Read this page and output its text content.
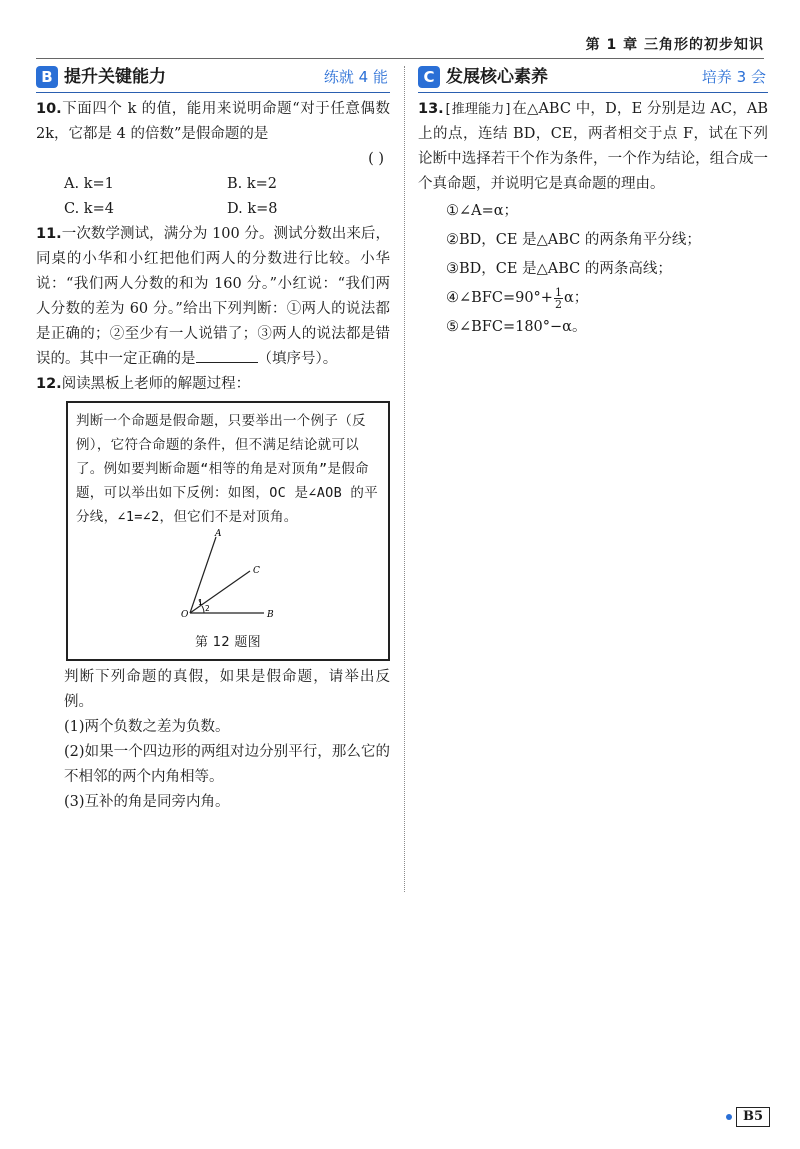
第 1 章 三角形的初步知识
B 提升关键能力	练就 4 能

10.下面四个 k 的值，能用来说明命题“对于任意偶数 2k，它都是 4 的倍数”是假命题的是

( )
A. k=1	B. k=2
C. k=4	D. k=8

11.一次数学测试，满分为 100 分。测试分数出来后，同桌的小华和小红把他们两人的分数进行比较。小华说：“我们两人分数的和为 160 分。”小红说：“我们两人分数的差为 60 分。”给出下列判断：①两人的说法都是正确的；②至少有一人说错了；③两人的说法都是错误的。其中一定正确的是	（填序号）。

12.阅读黑板上老师的解题过程：

判断一个命题是假命题，只要举出一个例子（反例），它符合命题的条件，但不满足结论就可以了。例如要判断命题“相等的角是对顶角”是假命题，可以举出如下反例：如图，OC 是∠AOB 的平分线，∠1=∠2，但它们不是对顶角。
A
C
O	B
1
2
第 12 题图

判断下列命题的真假，如果是假命题，请举出反例。

(1)两个负数之差为负数。

(2)如果一个四边形的两组对边分别平行，那么它的不相邻的两个内角相等。

(3)互补的角是同旁内角。

C 发展核心素养	培养 3 会

13.[推理能力]在△ABC 中，D，E 分别是边 AC，AB 上的点，连结 BD，CE，两者相交于点 F，试在下列论断中选择若干个作为条件，一个作为结论，组合成一个真命题，并说明它是真命题的理由。

①∠A=α；

②BD，CE 是△ABC 的两条角平分线；

③BD，CE 是△ABC 的两条高线；

④∠BFC=90°+ $\frac{1}{2}$ α；

⑤∠BFC=180°−α。

B5
